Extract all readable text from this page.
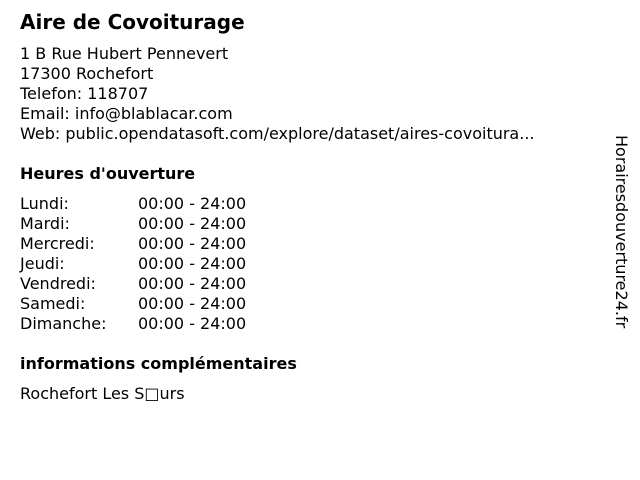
Aire de Covoiturage
1 B Rue Hubert Pennevert
17300 Rochefort
Telefon: 118707
Email: info@blablacar.com
Web: public.opendatasoft.com/explore/dataset/aires-covoitura...
Heures d'ouverture
Lundi:	00:00 - 24:00
Mardi:	00:00 - 24:00
Mercredi:	00:00 - 24:00
Jeudi:	00:00 - 24:00
Vendredi:	00:00 - 24:00
Samedi:	00:00 - 24:00
Dimanche:	00:00 - 24:00
informations complémentaires
Rochefort Les S□urs
Horairesdouverture24.fr
